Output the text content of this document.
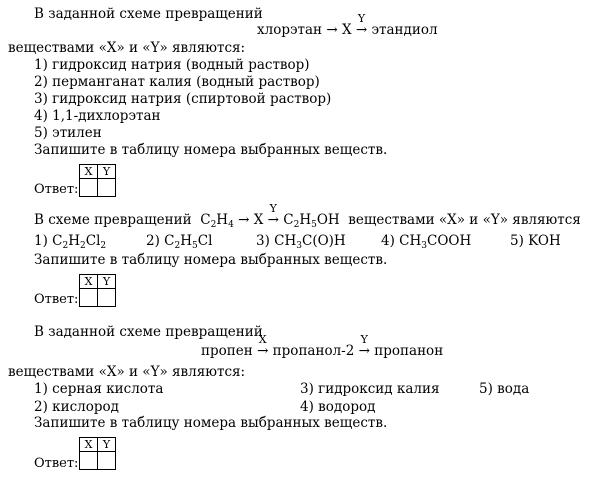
В заданной схеме превращений
хлорэтан → X
Y
→ этандиол
веществами «X» и «Y» являются:
1) гидроксид натрия (водный раствор)
2) перманганат калия (водный раствор)
3) гидроксид натрия (спиртовой раствор)
4) 1,1-дихлорэтан
5) этилен
Запишите в таблицу номера выбранных веществ.
Ответ:
X	Y

В схеме превращений $C_2H_4 \to X$
Y
→ $C_2H_5OH$ веществами «X» и «Y» являются
1) $C_2H_2Cl_2$	2) $C_2H_5Cl$	3) $CH_3C(O)H$	4) $CH_3COOH$	5) KOH
Запишите в таблицу номера выбранных веществ.
Ответ:
X	Y

В заданной схеме превращений
пропен
X
→ пропанол-2
Y
→ пропанон
веществами «X» и «Y» являются:
1) серная кислота	3) гидроксид калия	5) вода
2) кислород	4) водород
Запишите в таблицу номера выбранных веществ.
Ответ:
X	Y
